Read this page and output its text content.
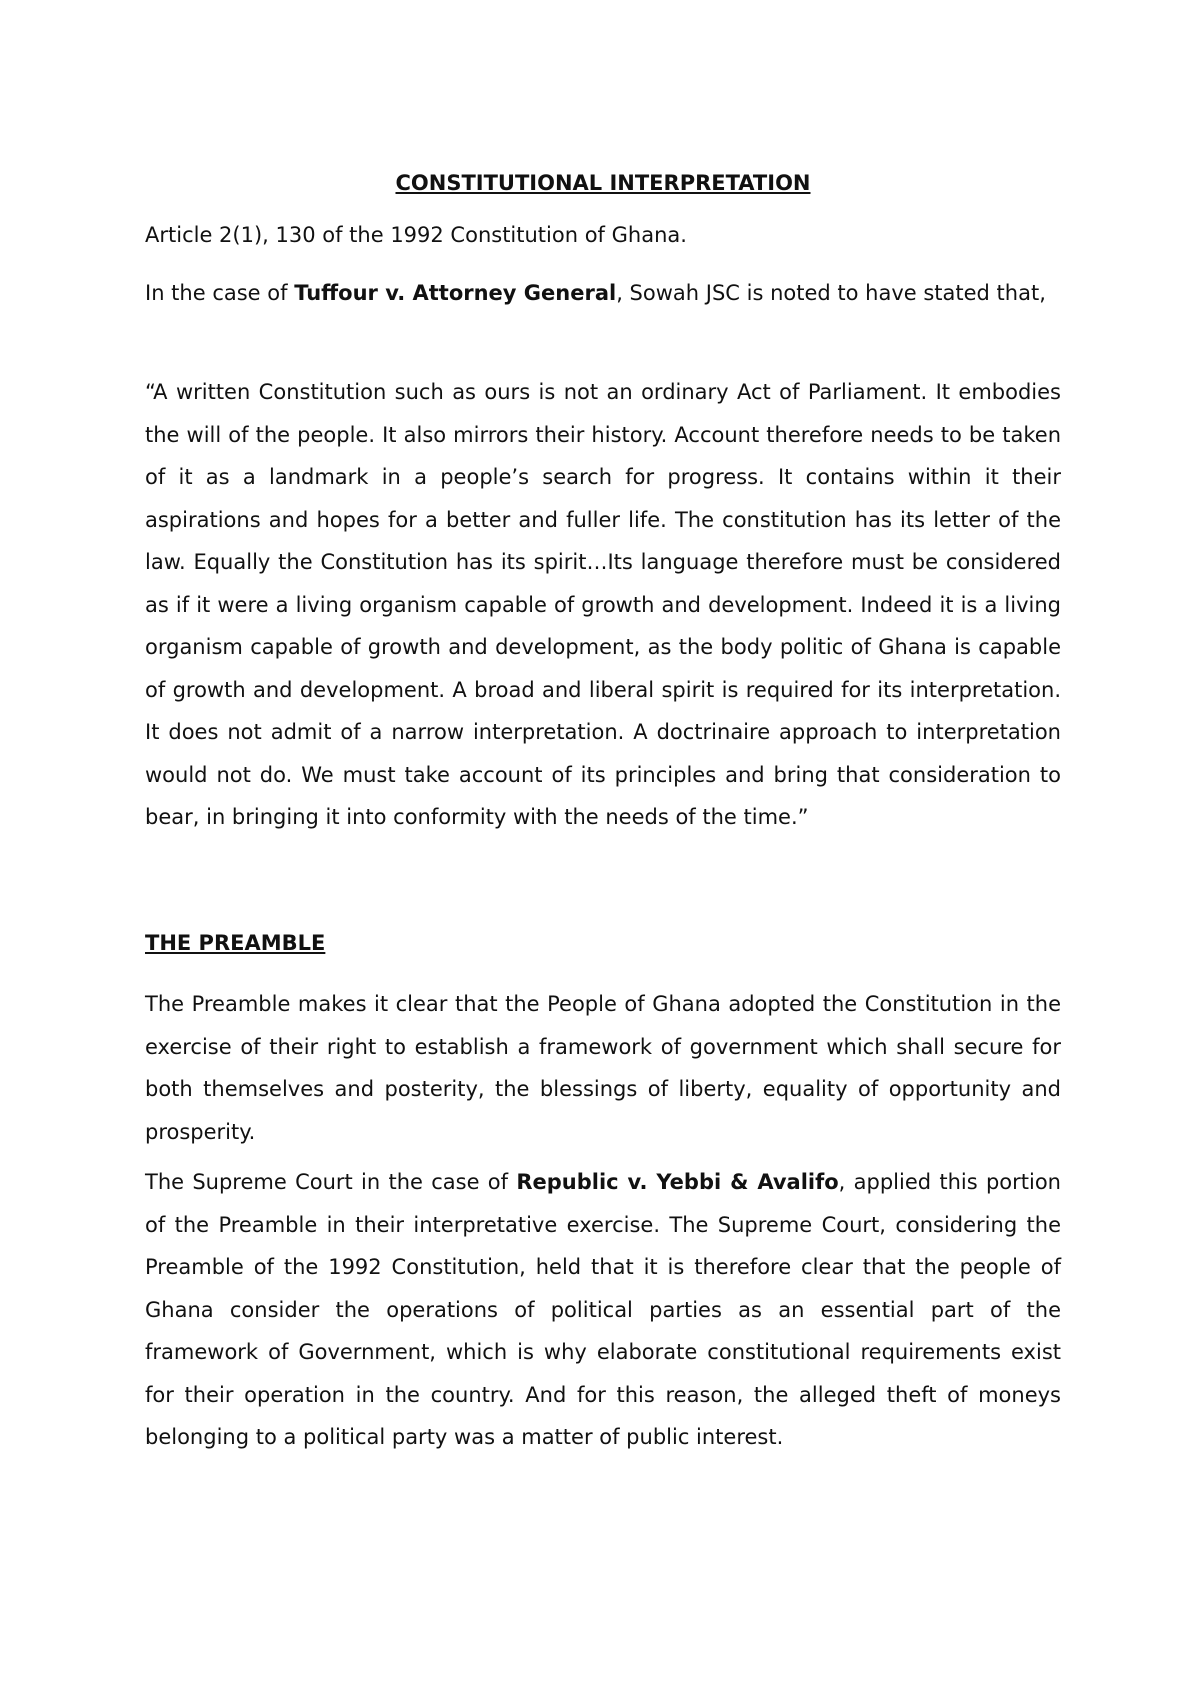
CONSTITUTIONAL INTERPRETATION

Article 2(1), 130 of the 1992 Constitution of Ghana.

In the case of Tuffour v. Attorney General, Sowah JSC is noted to have stated that,

“A written Constitution such as ours is not an ordinary Act of Parliament. It embodies the will of the people. It also mirrors their history. Account therefore needs to be taken of it as a landmark in a people’s search for progress. It contains within it their aspirations and hopes for a better and fuller life. The constitution has its letter of the law. Equally the Constitution has its spirit…Its language therefore must be considered as if it were a living organism capable of growth and development. Indeed it is a living organism capable of growth and development, as the body politic of Ghana is capable of growth and development. A broad and liberal spirit is required for its interpretation. It does not admit of a narrow interpretation. A doctrinaire approach to interpretation would not do. We must take account of its principles and bring that consideration to bear, in bringing it into conformity with the needs of the time.”

THE PREAMBLE

The Preamble makes it clear that the People of Ghana adopted the Constitution in the exercise of their right to establish a framework of government which shall secure for both themselves and posterity, the blessings of liberty, equality of opportunity and prosperity.

The Supreme Court in the case of Republic v. Yebbi & Avalifo, applied this portion of the Preamble in their interpretative exercise. The Supreme Court, considering the Preamble of the 1992 Constitution, held that it is therefore clear that the people of Ghana consider the operations of political parties as an essential part of the framework of Government, which is why elaborate constitutional requirements exist for their operation in the country. And for this reason, the alleged theft of moneys belonging to a political party was a matter of public interest.
